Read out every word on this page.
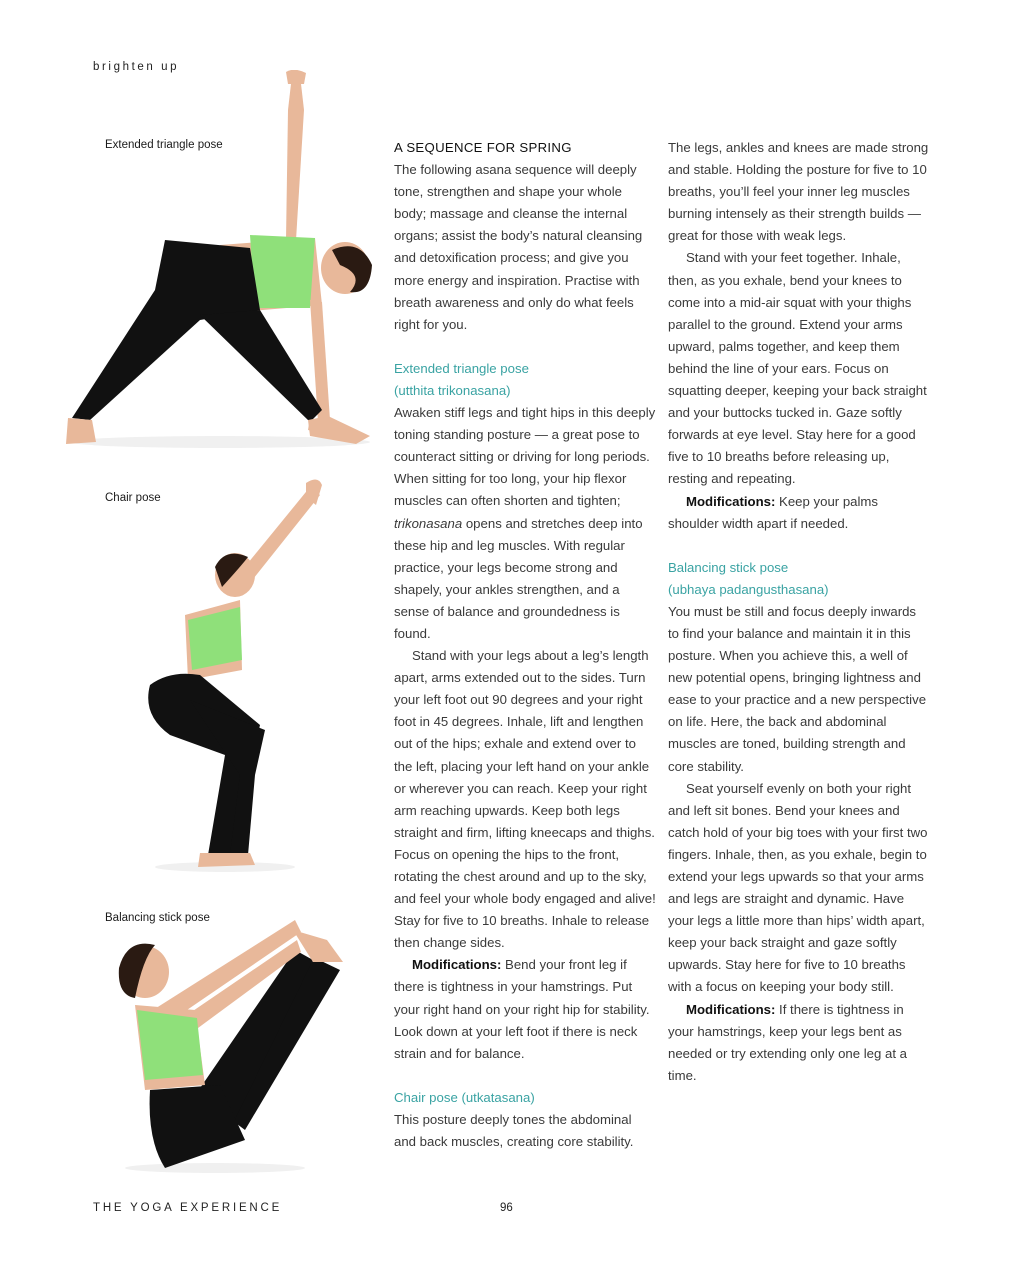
brighten up
Extended triangle pose
Chair pose
Balancing stick pose

A SEQUENCE FOR SPRING

The following asana sequence will deeply tone, strengthen and shape your whole body; massage and cleanse the internal organs; assist the body’s natural cleansing and detoxification process; and give you more energy and inspiration. Practise with breath awareness and only do what feels right for you.

Extended triangle pose

(utthita trikonasana)

Awaken stiff legs and tight hips in this deeply toning standing posture — a great pose to counteract sitting or driving for long periods. When sitting for too long, your hip flexor muscles can often shorten and tighten; trikonasana opens and stretches deep into these hip and leg muscles. With regular practice, your legs become strong and shapely, your ankles strengthen, and a sense of balance and groundedness is found.

Stand with your legs about a leg’s length apart, arms extended out to the sides. Turn your left foot out 90 degrees and your right foot in 45 degrees. Inhale, lift and lengthen out of the hips; exhale and extend over to the left, placing your left hand on your ankle or wherever you can reach. Keep your right arm reaching upwards. Keep both legs straight and firm, lifting kneecaps and thighs. Focus on opening the hips to the front, rotating the chest around and up to the sky, and feel your whole body engaged and alive! Stay for five to 10 breaths. Inhale to release then change sides.

Modifications: Bend your front leg if there is tightness in your hamstrings. Put your right hand on your right hip for stability. Look down at your left foot if there is neck strain and for balance.

Chair pose (utkatasana)

This posture deeply tones the abdominal and back muscles, creating core stability.

The legs, ankles and knees are made strong and stable. Holding the posture for five to 10 breaths, you’ll feel your inner leg muscles burning intensely as their strength builds — great for those with weak legs.

Stand with your feet together. Inhale, then, as you exhale, bend your knees to come into a mid-air squat with your thighs parallel to the ground. Extend your arms upward, palms together, and keep them behind the line of your ears. Focus on squatting deeper, keeping your back straight and your buttocks tucked in. Gaze softly forwards at eye level. Stay here for a good five to 10 breaths before releasing up, resting and repeating.

Modifications: Keep your palms shoulder width apart if needed.

Balancing stick pose

(ubhaya padangusthasana)

You must be still and focus deeply inwards to find your balance and maintain it in this posture. When you achieve this, a well of new potential opens, bringing lightness and ease to your practice and a new perspective on life. Here, the back and abdominal muscles are toned, building strength and core stability.

Seat yourself evenly on both your right and left sit bones. Bend your knees and catch hold of your big toes with your first two fingers. Inhale, then, as you exhale, begin to extend your legs upwards so that your arms and legs are straight and dynamic. Have your legs a little more than hips’ width apart, keep your back straight and gaze softly upwards. Stay here for five to 10 breaths with a focus on keeping your body still.

Modifications: If there is tightness in your hamstrings, keep your legs bent as needed or try extending only one leg at a time.

THE YOGA EXPERIENCE	96
